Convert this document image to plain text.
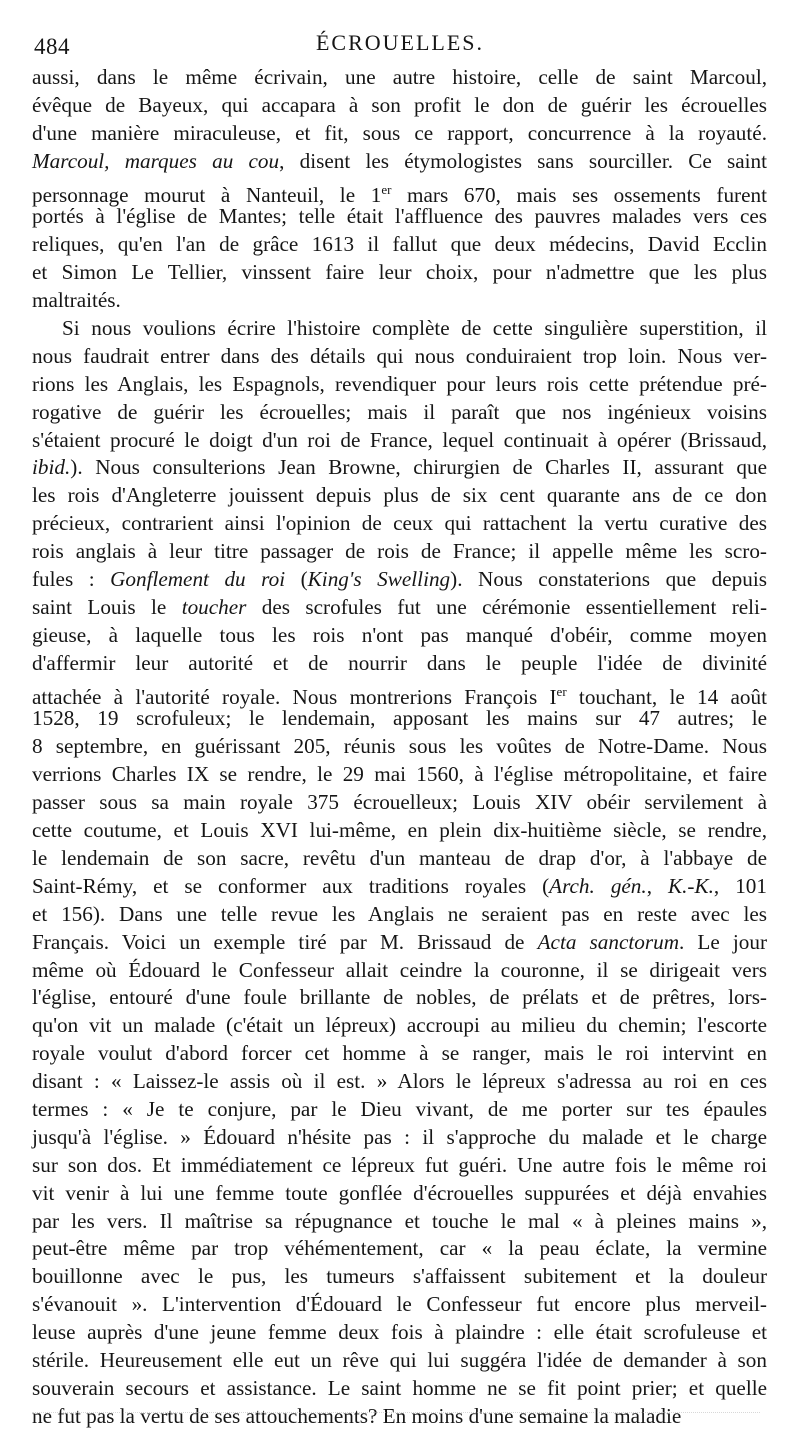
484	ÉCROUELLES.
aussi, dans le même écrivain, une autre histoire, celle de saint Marcoul,
évêque de Bayeux, qui accapara à son profit le don de guérir les écrouelles
d'une manière miraculeuse, et fit, sous ce rapport, concurrence à la royauté.
Marcoul, marques au cou, disent les étymologistes sans sourciller. Ce saint
personnage mourut à Nanteuil, le 1er mars 670, mais ses ossements furent
portés à l'église de Mantes; telle était l'affluence des pauvres malades vers ces
reliques, qu'en l'an de grâce 1613 il fallut que deux médecins, David Ecclin
et Simon Le Tellier, vinssent faire leur choix, pour n'admettre que les plus
maltraités.
Si nous voulions écrire l'histoire complète de cette singulière superstition, il
nous faudrait entrer dans des détails qui nous conduiraient trop loin. Nous ver-
rions les Anglais, les Espagnols, revendiquer pour leurs rois cette prétendue pré-
rogative de guérir les écrouelles; mais il paraît que nos ingénieux voisins
s'étaient procuré le doigt d'un roi de France, lequel continuait à opérer (Brissaud,
ibid.). Nous consulterions Jean Browne, chirurgien de Charles II, assurant que
les rois d'Angleterre jouissent depuis plus de six cent quarante ans de ce don
précieux, contrarient ainsi l'opinion de ceux qui rattachent la vertu curative des
rois anglais à leur titre passager de rois de France; il appelle même les scro-
fules : Gonflement du roi (King's Swelling). Nous constaterions que depuis
saint Louis le toucher des scrofules fut une cérémonie essentiellement reli-
gieuse, à laquelle tous les rois n'ont pas manqué d'obéir, comme moyen
d'affermir leur autorité et de nourrir dans le peuple l'idée de divinité
attachée à l'autorité royale. Nous montrerions François Ier touchant, le 14 août
1528, 19 scrofuleux; le lendemain, apposant les mains sur 47 autres; le
8 septembre, en guérissant 205, réunis sous les voûtes de Notre-Dame. Nous
verrions Charles IX se rendre, le 29 mai 1560, à l'église métropolitaine, et faire
passer sous sa main royale 375 écrouelleux; Louis XIV obéir servilement à
cette coutume, et Louis XVI lui-même, en plein dix-huitième siècle, se rendre,
le lendemain de son sacre, revêtu d'un manteau de drap d'or, à l'abbaye de
Saint-Rémy, et se conformer aux traditions royales (Arch. gén., K.-K., 101
et 156). Dans une telle revue les Anglais ne seraient pas en reste avec les
Français. Voici un exemple tiré par M. Brissaud de Acta sanctorum. Le jour
même où Édouard le Confesseur allait ceindre la couronne, il se dirigeait vers
l'église, entouré d'une foule brillante de nobles, de prélats et de prêtres, lors-
qu'on vit un malade (c'était un lépreux) accroupi au milieu du chemin; l'escorte
royale voulut d'abord forcer cet homme à se ranger, mais le roi intervint en
disant : « Laissez-le assis où il est. » Alors le lépreux s'adressa au roi en ces
termes : « Je te conjure, par le Dieu vivant, de me porter sur tes épaules
jusqu'à l'église. » Édouard n'hésite pas : il s'approche du malade et le charge
sur son dos. Et immédiatement ce lépreux fut guéri. Une autre fois le même roi
vit venir à lui une femme toute gonflée d'écrouelles suppurées et déjà envahies
par les vers. Il maîtrise sa répugnance et touche le mal « à pleines mains »,
peut-être même par trop véhémentement, car « la peau éclate, la vermine
bouillonne avec le pus, les tumeurs s'affaissent subitement et la douleur
s'évanouit ». L'intervention d'Édouard le Confesseur fut encore plus merveil-
leuse auprès d'une jeune femme deux fois à plaindre : elle était scrofuleuse et
stérile. Heureusement elle eut un rêve qui lui suggéra l'idée de demander à son
souverain secours et assistance. Le saint homme ne se fit point prier; et quelle
ne fut pas la vertu de ses attouchements? En moins d'une semaine la maladie
